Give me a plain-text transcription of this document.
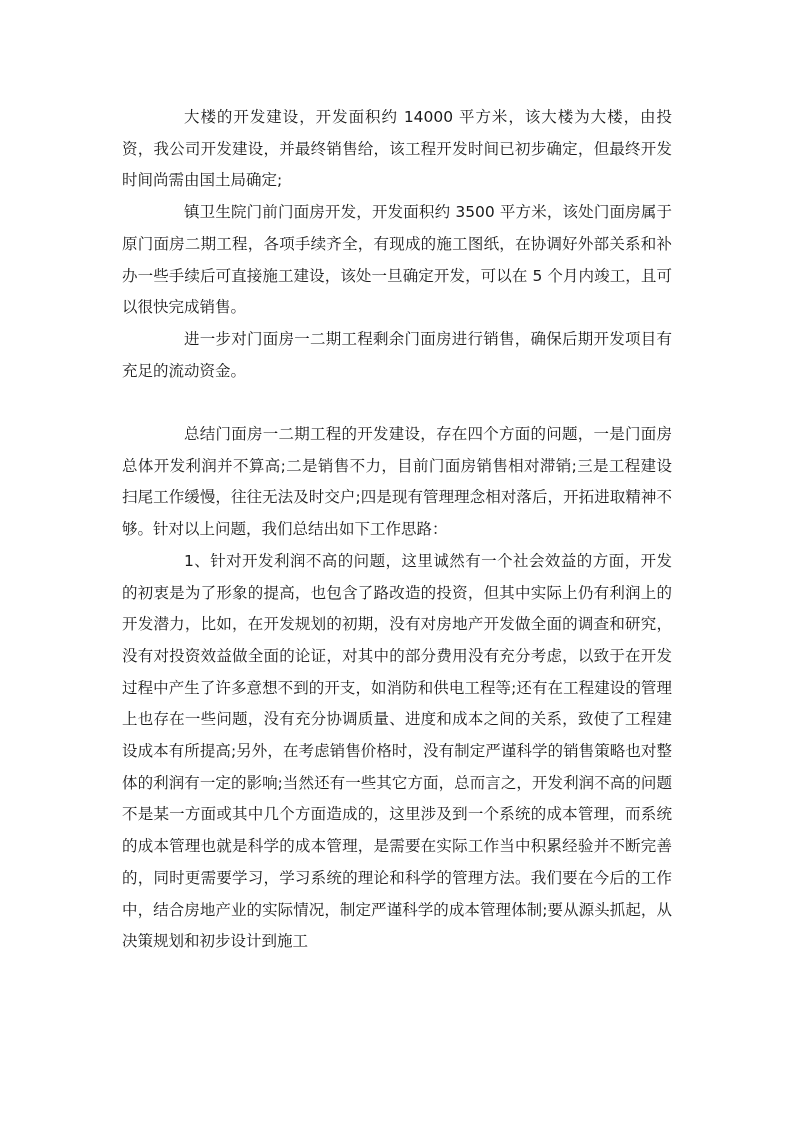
大楼的开发建设，开发面积约 14000 平方米，该大楼为大楼，由投资，我公司开发建设，并最终销售给，该工程开发时间已初步确定，但最终开发时间尚需由国土局确定;

镇卫生院门前门面房开发，开发面积约 3500 平方米，该处门面房属于原门面房二期工程，各项手续齐全，有现成的施工图纸，在协调好外部关系和补办一些手续后可直接施工建设，该处一旦确定开发，可以在 5 个月内竣工，且可以很快完成销售。

进一步对门面房一二期工程剩余门面房进行销售，确保后期开发项目有充足的流动资金。

总结门面房一二期工程的开发建设，存在四个方面的问题，一是门面房总体开发利润并不算高;二是销售不力，目前门面房销售相对滞销;三是工程建设扫尾工作缓慢，往往无法及时交户;四是现有管理理念相对落后，开拓进取精神不够。针对以上问题，我们总结出如下工作思路：

1、针对开发利润不高的问题，这里诚然有一个社会效益的方面，开发的初衷是为了形象的提高，也包含了路改造的投资，但其中实际上仍有利润上的开发潜力，比如，在开发规划的初期，没有对房地产开发做全面的调查和研究，没有对投资效益做全面的论证，对其中的部分费用没有充分考虑，以致于在开发过程中产生了许多意想不到的开支，如消防和供电工程等;还有在工程建设的管理上也存在一些问题，没有充分协调质量、进度和成本之间的关系，致使了工程建设成本有所提高;另外，在考虑销售价格时，没有制定严谨科学的销售策略也对整体的利润有一定的影响;当然还有一些其它方面，总而言之，开发利润不高的问题不是某一方面或其中几个方面造成的，这里涉及到一个系统的成本管理，而系统的成本管理也就是科学的成本管理，是需要在实际工作当中积累经验并不断完善的，同时更需要学习，学习系统的理论和科学的管理方法。我们要在今后的工作中，结合房地产业的实际情况，制定严谨科学的成本管理体制;要从源头抓起，从决策规划和初步设计到施工
